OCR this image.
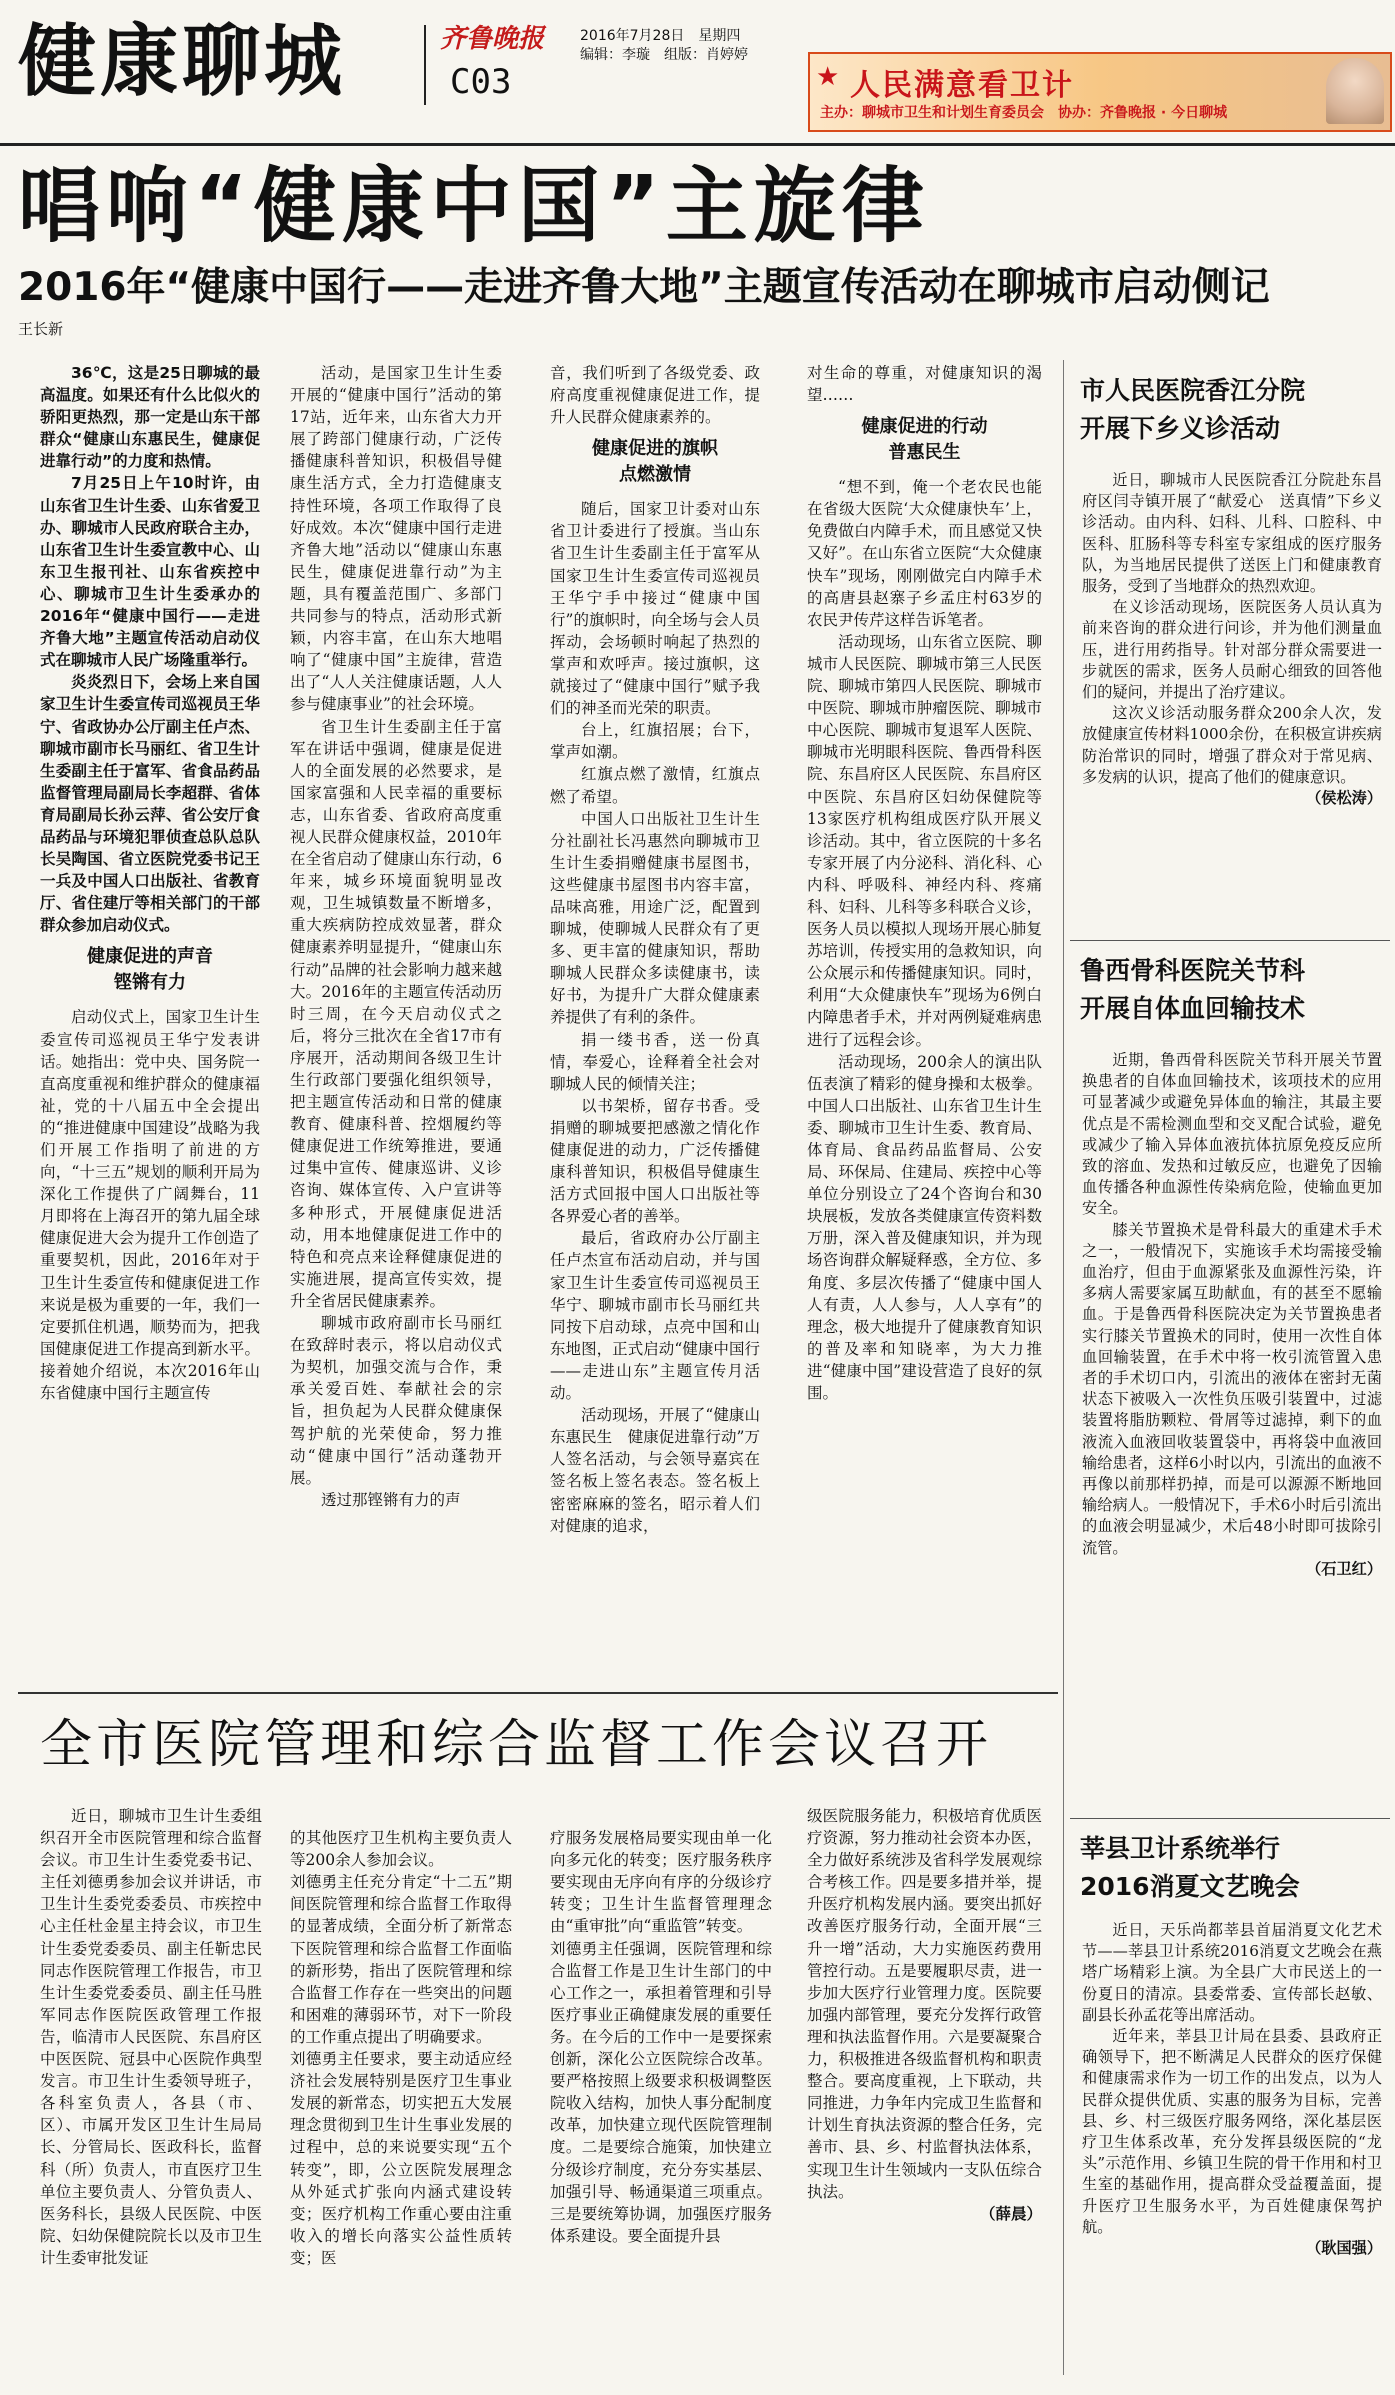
健康聊城	齐鲁晚报
C03
2016年7月28日　星期四
编辑：李璇　组版：肖婷婷
★ 人民满意看卫计
主办：聊城市卫生和计划生育委员会　协办：齐鲁晚报 · 今日聊城
唱响“健康中国”主旋律
2016年“健康中国行——走进齐鲁大地”主题宣传活动在聊城市启动侧记
王长新

36℃，这是25日聊城的最高温度。如果还有什么比似火的骄阳更热烈，那一定是山东干部群众“健康山东惠民生，健康促进靠行动”的力度和热情。

7月25日上午10时许，由山东省卫生计生委、山东省爱卫办、聊城市人民政府联合主办，山东省卫生计生委宣教中心、山东卫生报刊社、山东省疾控中心、聊城市卫生计生委承办的2016年“健康中国行——走进齐鲁大地”主题宣传活动启动仪式在聊城市人民广场隆重举行。

炎炎烈日下，会场上来自国家卫生计生委宣传司巡视员王华宁、省政协办公厅副主任卢杰、聊城市副市长马丽红、省卫生计生委副主任于富军、省食品药品监督管理局副局长李超群、省体育局副局长孙云萍、省公安厅食品药品与环境犯罪侦查总队总队长吴陶国、省立医院党委书记王一兵及中国人口出版社、省教育厅、省住建厅等相关部门的干部群众参加启动仪式。

健康促进的声音
铿锵有力

启动仪式上，国家卫生计生委宣传司巡视员王华宁发表讲话。她指出：党中央、国务院一直高度重视和维护群众的健康福祉，党的十八届五中全会提出的“推进健康中国建设”战略为我们开展工作指明了前进的方向，“十三五”规划的顺利开局为深化工作提供了广阔舞台，11月即将在上海召开的第九届全球健康促进大会为提升工作创造了重要契机，因此，2016年对于卫生计生委宣传和健康促进工作来说是极为重要的一年，我们一定要抓住机遇，顺势而为，把我国健康促进工作提高到新水平。接着她介绍说，本次2016年山东省健康中国行主题宣传

活动，是国家卫生计生委开展的“健康中国行”活动的第17站，近年来，山东省大力开展了跨部门健康行动，广泛传播健康科普知识，积极倡导健康生活方式，全力打造健康支持性环境，各项工作取得了良好成效。本次“健康中国行走进齐鲁大地”活动以“健康山东惠民生，健康促进靠行动”为主题，具有覆盖范围广、多部门共同参与的特点，活动形式新颖，内容丰富，在山东大地唱响了“健康中国”主旋律，营造出了“人人关注健康话题，人人参与健康事业”的社会环境。

省卫生计生委副主任于富军在讲话中强调，健康是促进人的全面发展的必然要求，是国家富强和人民幸福的重要标志，山东省委、省政府高度重视人民群众健康权益，2010年在全省启动了健康山东行动，6年来，城乡环境面貌明显改观，卫生城镇数量不断增多，重大疾病防控成效显著，群众健康素养明显提升，“健康山东行动”品牌的社会影响力越来越大。2016年的主题宣传活动历时三周，在今天启动仪式之后，将分三批次在全省17市有序展开，活动期间各级卫生计生行政部门要强化组织领导，把主题宣传活动和日常的健康教育、健康科普、控烟履约等健康促进工作统筹推进，要通过集中宣传、健康巡讲、义诊咨询、媒体宣传、入户宣讲等多种形式，开展健康促进活动，用本地健康促进工作中的特色和亮点来诠释健康促进的实施进展，提高宣传实效，提升全省居民健康素养。

聊城市政府副市长马丽红在致辞时表示，将以启动仪式为契机，加强交流与合作，秉承关爱百姓、奉献社会的宗旨，担负起为人民群众健康保驾护航的光荣使命，努力推动“健康中国行”活动蓬勃开展。

透过那铿锵有力的声

音，我们听到了各级党委、政府高度重视健康促进工作，提升人民群众健康素养的。

健康促进的旗帜
点燃激情

随后，国家卫计委对山东省卫计委进行了授旗。当山东省卫生计生委副主任于富军从国家卫生计生委宣传司巡视员王华宁手中接过“健康中国行”的旗帜时，向全场与会人员挥动，会场顿时响起了热烈的掌声和欢呼声。接过旗帜，这就接过了“健康中国行”赋予我们的神圣而光荣的职责。

台上，红旗招展；台下，掌声如潮。

红旗点燃了激情，红旗点燃了希望。

中国人口出版社卫生计生分社副社长冯惠然向聊城市卫生计生委捐赠健康书屋图书，这些健康书屋图书内容丰富，品味高雅，用途广泛，配置到聊城，使聊城人民群众有了更多、更丰富的健康知识，帮助聊城人民群众多读健康书，读好书，为提升广大群众健康素养提供了有利的条件。

捐一缕书香，送一份真情，奉爱心，诠释着全社会对聊城人民的倾情关注；

以书架桥，留存书香。受捐赠的聊城要把感激之情化作健康促进的动力，广泛传播健康科普知识，积极倡导健康生活方式回报中国人口出版社等各界爱心者的善举。

最后，省政府办公厅副主任卢杰宣布活动启动，并与国家卫生计生委宣传司巡视员王华宁、聊城市副市长马丽红共同按下启动球，点亮中国和山东地图，正式启动“健康中国行——走进山东”主题宣传月活动。

活动现场，开展了“健康山东惠民生　健康促进靠行动”万人签名活动，与会领导嘉宾在签名板上签名表态。签名板上密密麻麻的签名，昭示着人们对健康的追求，

对生命的尊重，对健康知识的渴望……

健康促进的行动
普惠民生

“想不到，俺一个老农民也能在省级大医院‘大众健康快车’上，免费做白内障手术，而且感觉又快又好”。在山东省立医院“大众健康快车”现场，刚刚做完白内障手术的高唐县赵寨子乡孟庄村63岁的农民尹传芹这样告诉笔者。

活动现场，山东省立医院、聊城市人民医院、聊城市第三人民医院、聊城市第四人民医院、聊城市中医院、聊城市肿瘤医院、聊城市中心医院、聊城市复退军人医院、聊城市光明眼科医院、鲁西骨科医院、东昌府区人民医院、东昌府区中医院、东昌府区妇幼保健院等13家医疗机构组成医疗队开展义诊活动。其中，省立医院的十多名专家开展了内分泌科、消化科、心内科、呼吸科、神经内科、疼痛科、妇科、儿科等多科联合义诊，医务人员以模拟人现场开展心肺复苏培训，传授实用的急救知识，向公众展示和传播健康知识。同时，利用“大众健康快车”现场为6例白内障患者手术，并对两例疑难病患进行了远程会诊。

活动现场，200余人的演出队伍表演了精彩的健身操和太极拳。中国人口出版社、山东省卫生计生委、聊城市卫生计生委、教育局、体育局、食品药品监督局、公安局、环保局、住建局、疾控中心等单位分别设立了24个咨询台和30块展板，发放各类健康宣传资料数万册，深入普及健康知识，并为现场咨询群众解疑释惑，全方位、多角度、多层次传播了“健康中国人人有责，人人参与，人人享有”的理念，极大地提升了健康教育知识的普及率和知晓率，为大力推进“健康中国”建设营造了良好的氛围。

市人民医院香江分院
开展下乡义诊活动

近日，聊城市人民医院香江分院赴东昌府区闫寺镇开展了“献爱心　送真情”下乡义诊活动。由内科、妇科、儿科、口腔科、中医科、肛肠科等专科室专家组成的医疗服务队，为当地居民提供了送医上门和健康教育服务，受到了当地群众的热烈欢迎。

在义诊活动现场，医院医务人员认真为前来咨询的群众进行问诊，并为他们测量血压，进行用药指导。针对部分群众需要进一步就医的需求，医务人员耐心细致的回答他们的疑问，并提出了治疗建议。

这次义诊活动服务群众200余人次，发放健康宣传材料1000余份，在积极宣讲疾病防治常识的同时，增强了群众对于常见病、多发病的认识，提高了他们的健康意识。

（侯松涛）

鲁西骨科医院关节科
开展自体血回输技术

近期，鲁西骨科医院关节科开展关节置换患者的自体血回输技术，该项技术的应用可显著减少或避免异体血的输注，其最主要优点是不需检测血型和交叉配合试验，避免或减少了输入异体血液抗体抗原免疫反应所致的溶血、发热和过敏反应，也避免了因输血传播各种血源性传染病危险，使输血更加安全。

膝关节置换术是骨科最大的重建术手术之一，一般情况下，实施该手术均需接受输血治疗，但由于血源紧张及血源性污染，许多病人需要家属互助献血，有的甚至不愿输血。于是鲁西骨科医院决定为关节置换患者实行膝关节置换术的同时，使用一次性自体血回输装置，在手术中将一枚引流管置入患者的手术切口内，引流出的液体在密封无菌状态下被吸入一次性负压吸引装置中，过滤装置将脂肪颗粒、骨屑等过滤掉，剩下的血液流入血液回收装置袋中，再将袋中血液回输给患者，这样6小时以内，引流出的血液不再像以前那样扔掉，而是可以源源不断地回输给病人。一般情况下，手术6小时后引流出的血液会明显减少，术后48小时即可拔除引流管。

（石卫红）

莘县卫计系统举行
2016消夏文艺晚会

近日，天乐尚都莘县首届消夏文化艺术节——莘县卫计系统2016消夏文艺晚会在燕塔广场精彩上演。为全县广大市民送上的一份夏日的清凉。县委常委、宣传部长赵敏、副县长孙孟花等出席活动。

近年来，莘县卫计局在县委、县政府正确领导下，把不断满足人民群众的医疗保健和健康需求作为一切工作的出发点，以为人民群众提供优质、实惠的服务为目标，完善县、乡、村三级医疗服务网络，深化基层医疗卫生体系改革，充分发挥县级医院的“龙头”示范作用、乡镇卫生院的骨干作用和村卫生室的基础作用，提高群众受益覆盖面，提升医疗卫生服务水平，为百姓健康保驾护航。

（耿国强）

全市医院管理和综合监督工作会议召开

近日，聊城市卫生计生委组织召开全市医院管理和综合监督会议。市卫生计生委党委书记、主任刘德勇参加会议并讲话，市卫生计生委党委委员、市疾控中心主任杜金星主持会议，市卫生计生委党委委员、副主任靳忠民同志作医院管理工作报告，市卫生计生委党委委员、副主任马胜军同志作医院医政管理工作报告，临清市人民医院、东昌府区中医医院、冠县中心医院作典型发言。市卫生计生委领导班子，各科室负责人，各县（市、区）、市属开发区卫生计生局局长、分管局长、医政科长，监督科（所）负责人，市直医疗卫生单位主要负责人、分管负责人、医务科长，县级人民医院、中医院、妇幼保健院院长以及市卫生计生委审批发证

的其他医疗卫生机构主要负责人等200余人参加会议。
刘德勇主任充分肯定“十二五”期间医院管理和综合监督工作取得的显著成绩，全面分析了新常态下医院管理和综合监督工作面临的新形势，指出了医院管理和综合监督工作存在一些突出的问题和困难的薄弱环节，对下一阶段的工作重点提出了明确要求。
刘德勇主任要求，要主动适应经济社会发展特别是医疗卫生事业发展的新常态，切实把五大发展理念贯彻到卫生计生事业发展的过程中，总的来说要实现“五个转变”，即，公立医院发展理念从外延式扩张向内涵式建设转变；医疗机构工作重心要由注重收入的增长向落实公益性质转变；医

疗服务发展格局要实现由单一化向多元化的转变；医疗服务秩序要实现由无序向有序的分级诊疗转变；卫生计生监督管理理念由“重审批”向“重监管”转变。
刘德勇主任强调，医院管理和综合监督工作是卫生计生部门的中心工作之一，承担着管理和引导医疗事业正确健康发展的重要任务。在今后的工作中一是要探索创新，深化公立医院综合改革。要严格按照上级要求积极调整医院收入结构，加快人事分配制度改革，加快建立现代医院管理制度。二是要综合施策，加快建立分级诊疗制度，充分夯实基层、加强引导、畅通渠道三项重点。三是要统筹协调，加强医疗服务体系建设。要全面提升县

级医院服务能力，积极培育优质医疗资源，努力推动社会资本办医，全力做好系统涉及省科学发展观综合考核工作。四是要多措并举，提升医疗机构发展内涵。要突出抓好改善医疗服务行动，全面开展“三升一增”活动，大力实施医药费用管控行动。五是要履职尽责，进一步加大医疗行业管理力度。医院要加强内部管理，要充分发挥行政管理和执法监督作用。六是要凝聚合力，积极推进各级监督机构和职责整合。要高度重视，上下联动，共同推进，力争年内完成卫生监督和计划生育执法资源的整合任务，完善市、县、乡、村监督执法体系，实现卫生计生领域内一支队伍综合执法。

（薛晨）
